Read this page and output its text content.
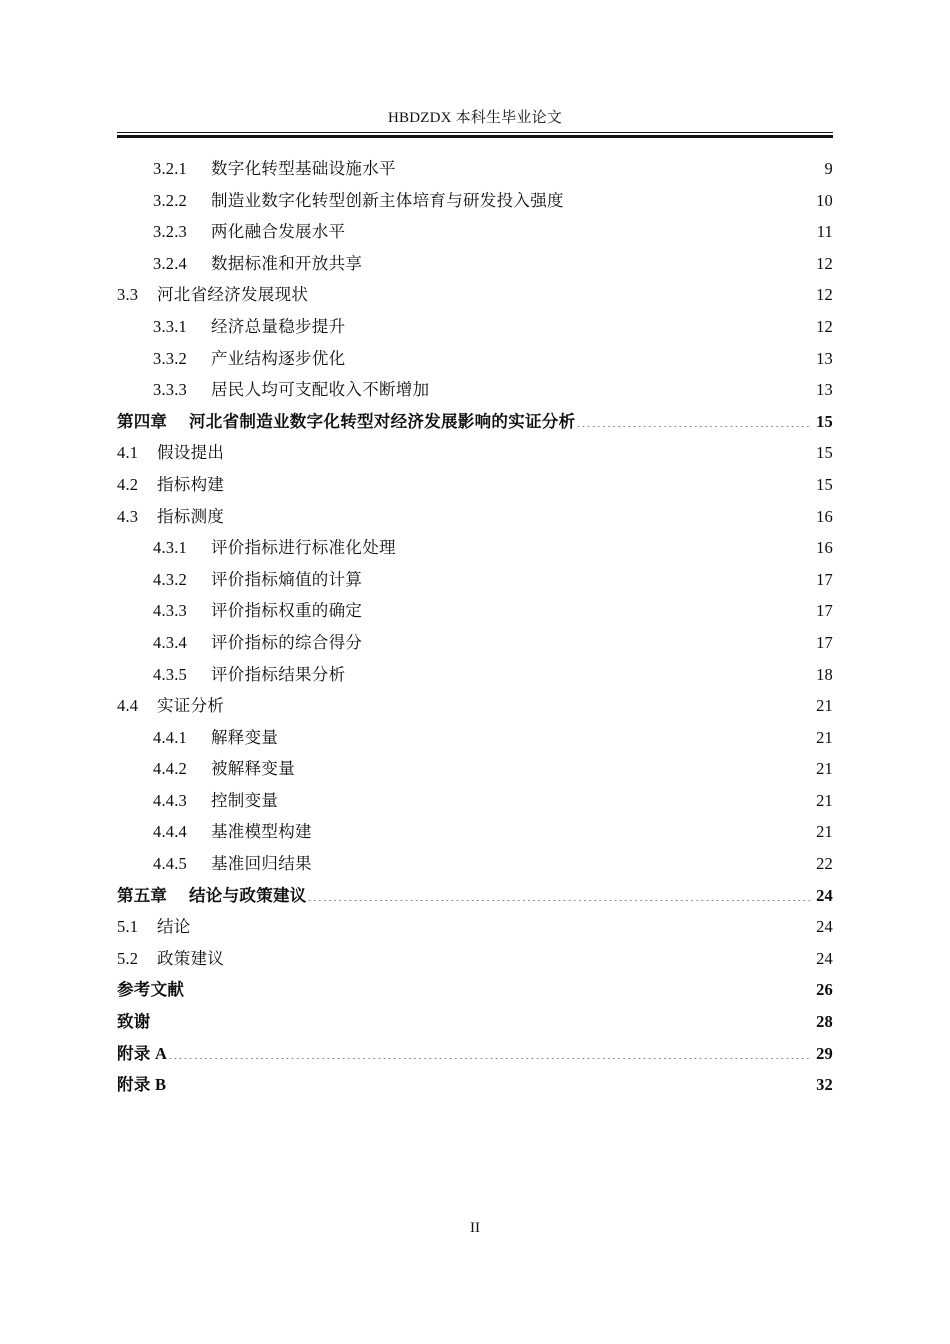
HBDZDX 本科生毕业论文
3.2.1	数字化转型基础设施水平 .....	9
3.2.2	制造业数字化转型创新主体培育与研发投入强度 .....	10
3.2.3	两化融合发展水平 .....	11
3.2.4	数据标准和开放共享 .....	12
3.3	河北省经济发展现状 .....	12
3.3.1	经济总量稳步提升 .....	12
3.3.2	产业结构逐步优化 .....	13
3.3.3	居民人均可支配收入不断增加 .....	13
第四章	河北省制造业数字化转型对经济发展影响的实证分析 .....	15
4.1	假设提出 .....	15
4.2	指标构建 .....	15
4.3	指标测度 .....	16
4.3.1	评价指标进行标准化处理 .....	16
4.3.2	评价指标熵值的计算 .....	17
4.3.3	评价指标权重的确定 .....	17
4.3.4	评价指标的综合得分 .....	17
4.3.5	评价指标结果分析 .....	18
4.4	实证分析 .....	21
4.4.1	解释变量 .....	21
4.4.2	被解释变量 .....	21
4.4.3	控制变量 .....	21
4.4.4	基准模型构建 .....	21
4.4.5	基准回归结果 .....	22
第五章	结论与政策建议 .....	24
5.1	结论 .....	24
5.2	政策建议 .....	24
参考文献 .....	26
致谢 .....	28
附录 A .....	29
附录 B .....	32
II
